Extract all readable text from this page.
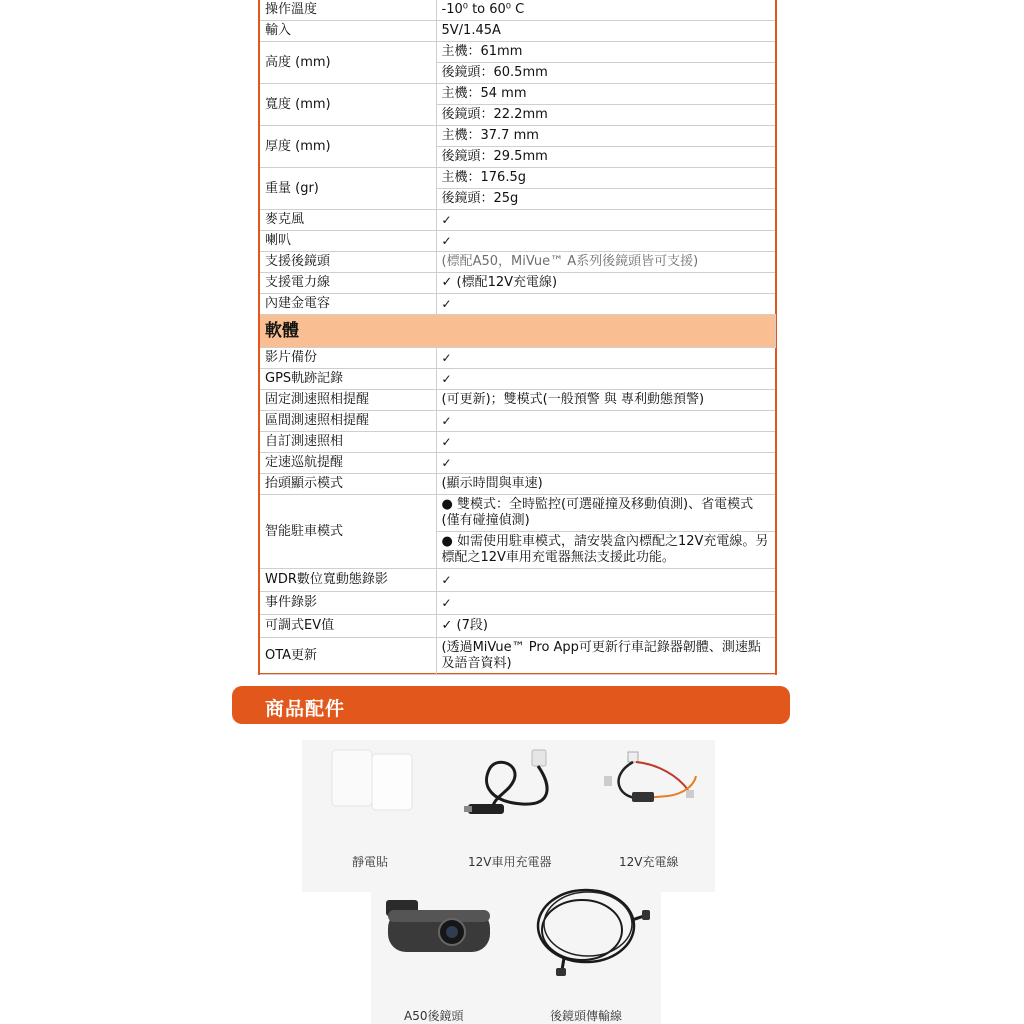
操作溫度	-10⁰ to 60⁰ C
輸入	5V/1.45A
高度 (mm)	主機：61mm
	後鏡頭：60.5mm
寬度 (mm)	主機：54 mm
	後鏡頭：22.2mm
厚度 (mm)	主機：37.7 mm
	後鏡頭：29.5mm
重量 (gr)	主機：176.5g
	後鏡頭：25g
麥克風	✓
喇叭	✓
支援後鏡頭	(標配A50，MiVue™ A系列後鏡頭皆可支援)
支援電力線	✓ (標配12V充電線)
內建金電容	✓
軟體	
影片備份	✓
GPS軌跡記錄	✓
固定測速照相提醒	(可更新)；雙模式(一般預警 與 專利動態預警)
區間測速照相提醒	✓
自訂測速照相	✓
定速巡航提醒	✓
抬頭顯示模式	(顯示時間與車速)
智能駐車模式	● 雙模式：全時監控(可選碰撞及移動偵測)、省電模式(僅有碰撞偵測)
	● 如需使用駐車模式，請安裝盒內標配之12V充電線。另標配之12V車用充電器無法支援此功能。
WDR數位寬動態錄影	✓
事件錄影	✓
可調式EV值	✓ (7段)
OTA更新	(透過MiVue™ Pro App可更新行車記錄器韌體、測速點及語音資料)
商品配件
靜電貼	12V車用充電器	12V充電線
A50後鏡頭	後鏡頭傳輸線
